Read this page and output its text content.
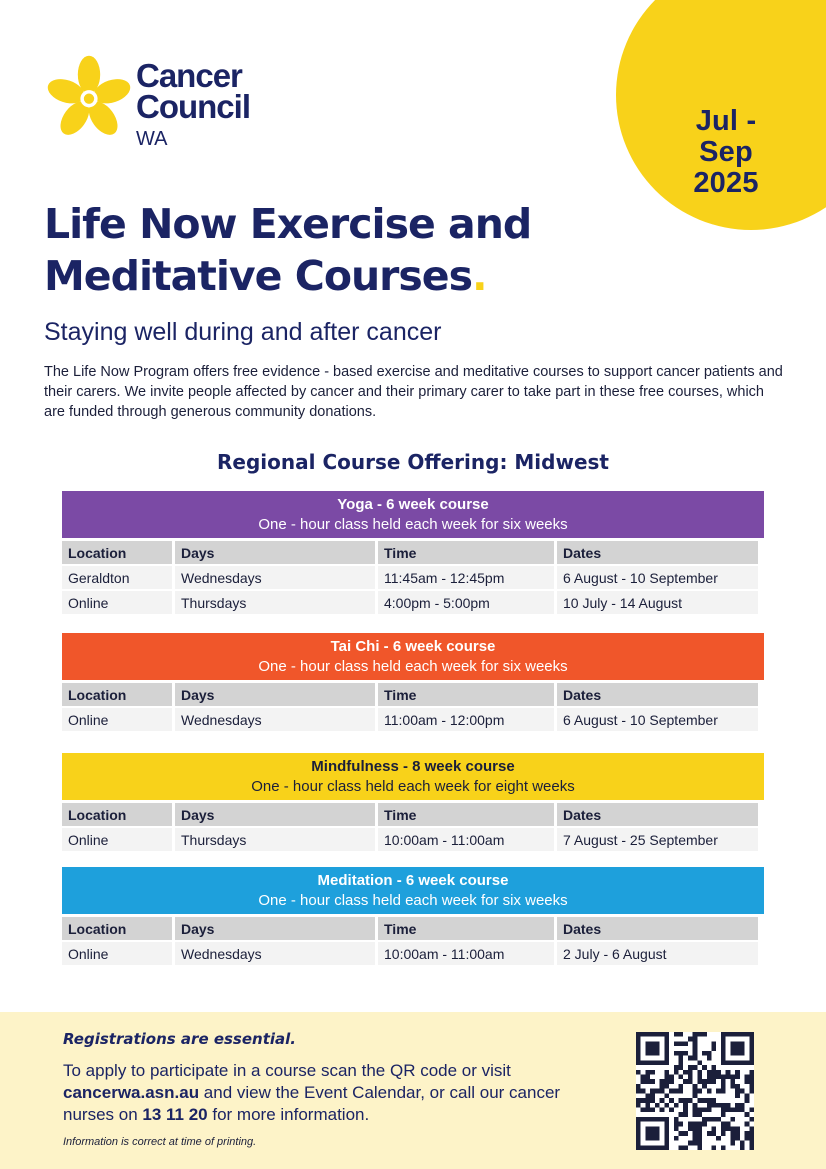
Jul - Sep
2025
Cancer
Council
WA
Life Now Exercise and
Meditative Courses.
Staying well during and after cancer

The Life Now Program offers free evidence - based exercise and meditative courses to support cancer patients and their carers. We invite people affected by cancer and their primary carer to take part in these free courses, which are funded through generous community donations.

Regional Course Offering: Midwest
Yoga - 6 week course
One - hour class held each week for six weeks
Location	Days	Time	Dates
Geraldton	Wednesdays	11:45am - 12:45pm	6 August - 10 September
Online	Thursdays	4:00pm - 5:00pm	10 July - 14 August
Tai Chi - 6 week course
One - hour class held each week for six weeks
Location	Days	Time	Dates
Online	Wednesdays	11:00am - 12:00pm	6 August - 10 September
Mindfulness - 8 week course
One - hour class held each week for eight weeks
Location	Days	Time	Dates
Online	Thursdays	10:00am - 11:00am	7 August - 25 September
Meditation - 6 week course
One - hour class held each week for six weeks
Location	Days	Time	Dates
Online	Wednesdays	10:00am - 11:00am	2 July - 6 August

Registrations are essential.

To apply to participate in a course scan the QR code or visit
cancerwa.asn.au and view the Event Calendar, or call our cancer nurses on 13 11 20 for more information.

Information is correct at time of printing.
